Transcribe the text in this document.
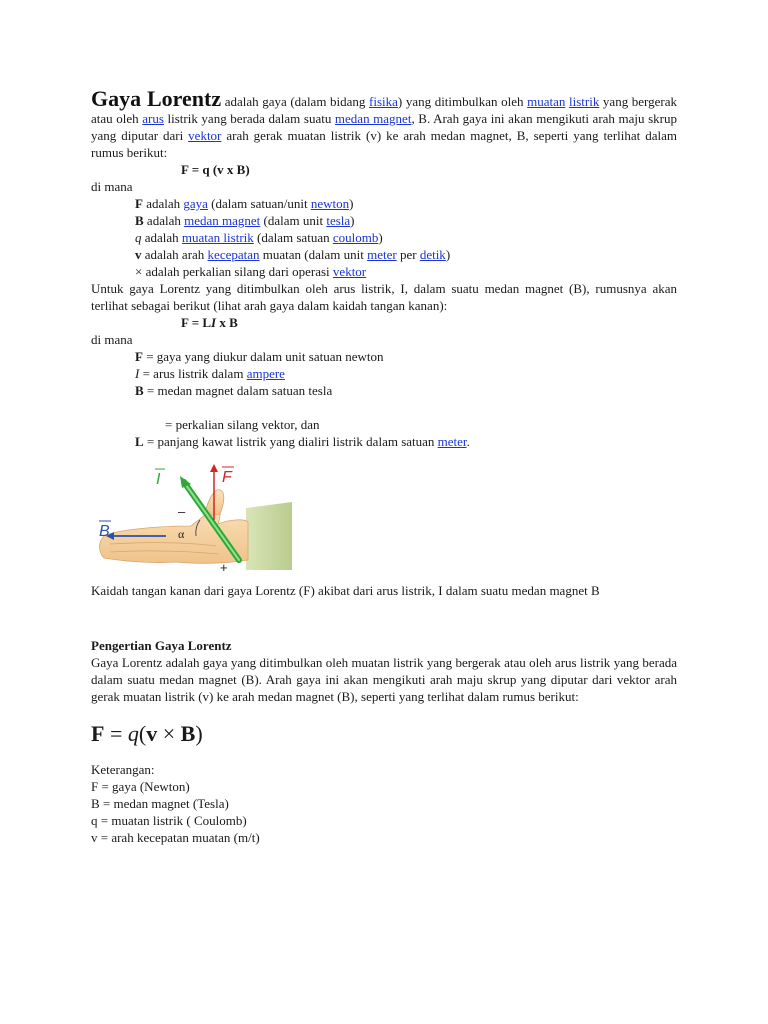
Gaya Lorentz adalah gaya (dalam bidang fisika) yang ditimbulkan oleh muatan listrik yang bergerak atau oleh arus listrik yang berada dalam suatu medan magnet, B. Arah gaya ini akan mengikuti arah maju skrup yang diputar dari vektor arah gerak muatan listrik (v) ke arah medan magnet, B, seperti yang terlihat dalam rumus berikut:

F = q (v x B)

di mana

F adalah gaya (dalam satuan/unit newton)

B adalah medan magnet (dalam unit tesla)

q adalah muatan listrik (dalam satuan coulomb)

v adalah arah kecepatan muatan (dalam unit meter per detik)

× adalah perkalian silang dari operasi vektor

Untuk gaya Lorentz yang ditimbulkan oleh arus listrik, I, dalam suatu medan magnet (B), rumusnya akan terlihat sebagai berikut (lihat arah gaya dalam kaidah tangan kanan):

F = LI x B

di mana

F = gaya yang diukur dalam unit satuan newton

I = arus listrik dalam ampere

B = medan magnet dalam satuan tesla

= perkalian silang vektor, dan

L = panjang kawat listrik yang dialiri listrik dalam satuan meter.

I	F
B	α
–
+

Kaidah tangan kanan dari gaya Lorentz (F) akibat dari arus listrik, I dalam suatu medan magnet B

Pengertian Gaya Lorentz

Gaya Lorentz adalah gaya yang ditimbulkan oleh muatan listrik yang bergerak atau oleh arus listrik yang berada dalam suatu medan magnet (B). Arah gaya ini akan mengikuti arah maju skrup yang diputar dari vektor arah gerak muatan listrik (v) ke arah medan magnet (B), seperti yang terlihat dalam rumus berikut:

F = q(v × B)

Keterangan:

F = gaya (Newton)

B = medan magnet (Tesla)

q = muatan listrik ( Coulomb)

v = arah kecepatan muatan (m/t)
